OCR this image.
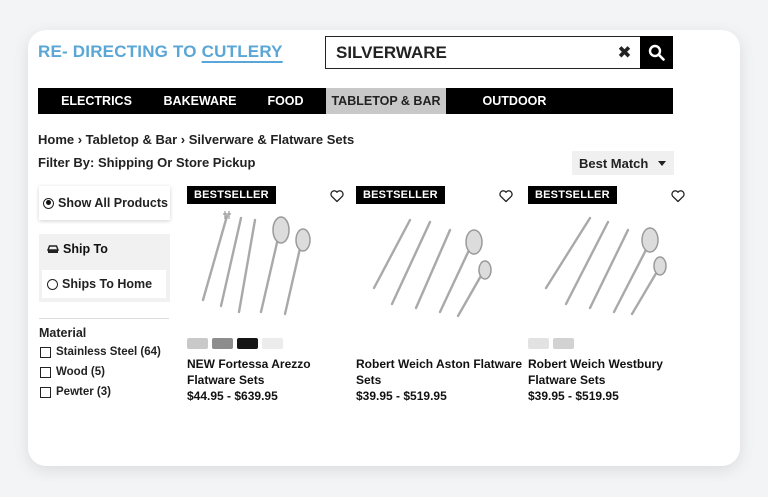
RE- DIRECTING TO CUTLERY
SILVERWARE	✖
ELECTRICS	BAKEWARE	FOOD	TABLETOP & BAR	OUTDOOR
Home › Tabletop & Bar › Silverware & Flatware Sets
Filter By: Shipping Or Store Pickup	Best Match
Show All Products
Ship To
Ships To Home
Material
Stainless Steel (64)
Wood (5)
Pewter (3)
BESTSELLER
NEW Fortessa Arezzo Flatware Sets
$44.95 - $639.95
BESTSELLER
Robert Weich Aston Flatware Sets
$39.95 - $519.95
BESTSELLER
Robert Weich Westbury Flatware Sets
$39.95 - $519.95
